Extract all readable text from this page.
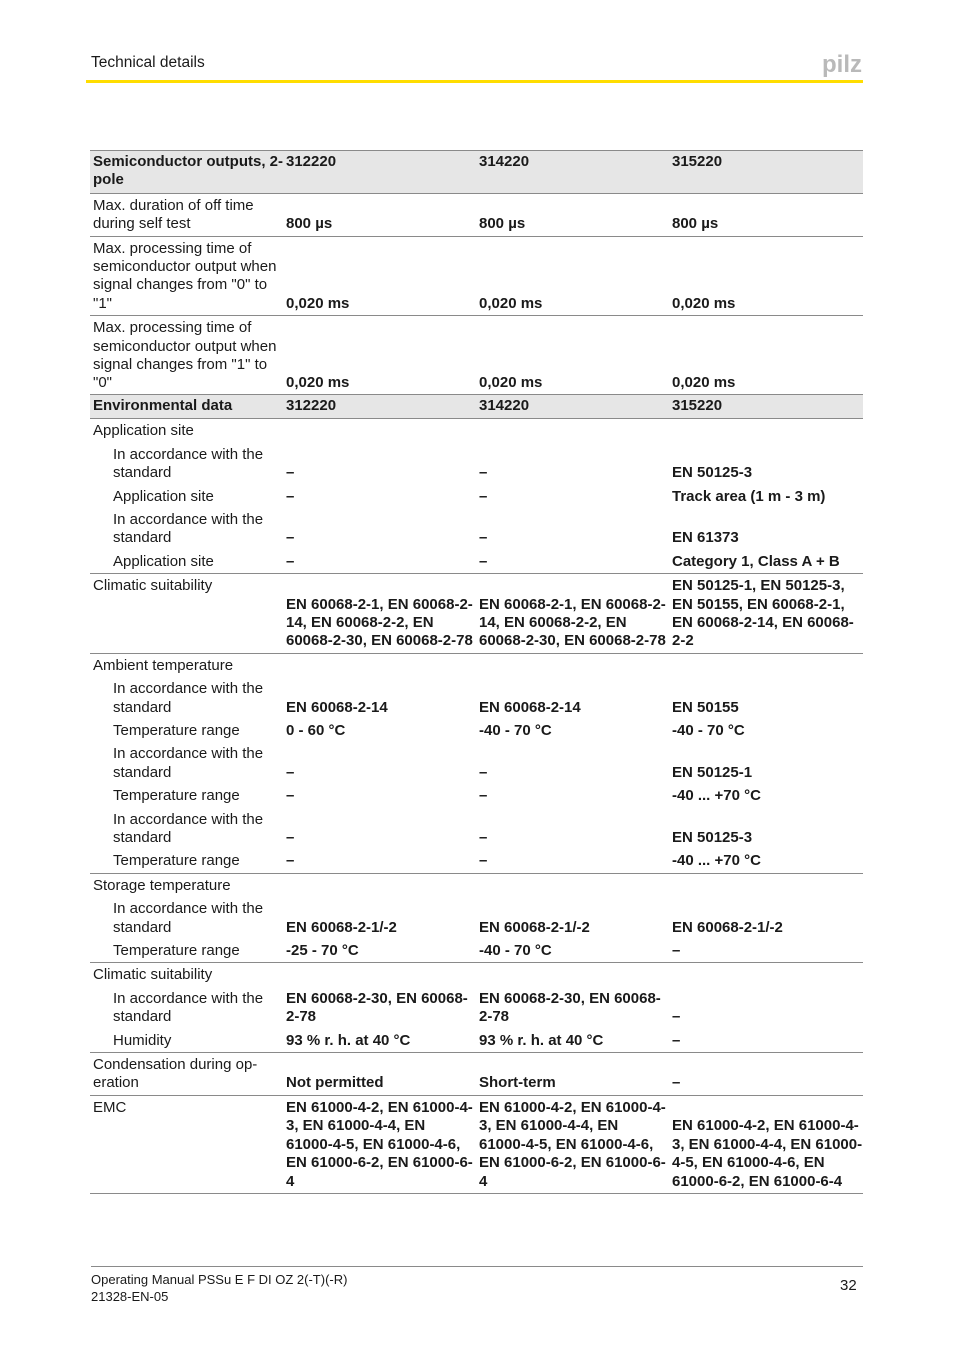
Technical details	pilz
Semiconductor outputs, 2-pole	312220	314220	315220
Max. duration of off time during self test	800 µs	800 µs	800 µs
Max. processing time of semiconductor output when signal changes from "0" to "1"	0,020 ms	0,020 ms	0,020 ms
Max. processing time of semiconductor output when signal changes from "1" to "0"	0,020 ms	0,020 ms	0,020 ms
Environmental data	312220	314220	315220
Application site			
In accordance with the standard	–	–	EN 50125-3
Application site	–	–	Track area (1 m - 3 m)
In accordance with the standard	–	–	EN 61373
Application site	–	–	Category 1, Class A + B
Climatic suitability	EN 60068-2-1, EN 60068-2-14, EN 60068-2-2, EN 60068-2-30, EN 60068-2-78	EN 60068-2-1, EN 60068-2-14, EN 60068-2-2, EN 60068-2-30, EN 60068-2-78	EN 50125-1, EN 50125-3, EN 50155, EN 60068-2-1, EN 60068-2-14, EN 60068-2-2
Ambient temperature			
In accordance with the standard	EN 60068-2-14	EN 60068-2-14	EN 50155
Temperature range	0 - 60 °C	-40 - 70 °C	-40 - 70 °C
In accordance with the standard	–	–	EN 50125-1
Temperature range	–	–	-40 ... +70 °C
In accordance with the standard	–	–	EN 50125-3
Temperature range	–	–	-40 ... +70 °C
Storage temperature			
In accordance with the standard	EN 60068-2-1/-2	EN 60068-2-1/-2	EN 60068-2-1/-2
Temperature range	-25 - 70 °C	-40 - 70 °C	–
Climatic suitability			
In accordance with the standard	EN 60068-2-30, EN 60068-2-78	EN 60068-2-30, EN 60068-2-78	–
Humidity	93 % r. h. at 40 °C	93 % r. h. at 40 °C	–
Condensation during operation	Not permitted	Short-term	–
EMC	EN 61000-4-2, EN 61000-4-3, EN 61000-4-4, EN 61000-4-5, EN 61000-4-6, EN 61000-6-2, EN 61000-6-4	EN 61000-4-2, EN 61000-4-3, EN 61000-4-4, EN 61000-4-5, EN 61000-4-6, EN 61000-6-2, EN 61000-6-4	EN 61000-4-2, EN 61000-4-3, EN 61000-4-4, EN 61000-4-5, EN 61000-4-6, EN 61000-6-2, EN 61000-6-4
Operating Manual PSSu E F DI OZ 2(-T)(-R)
21328-EN-05
32
